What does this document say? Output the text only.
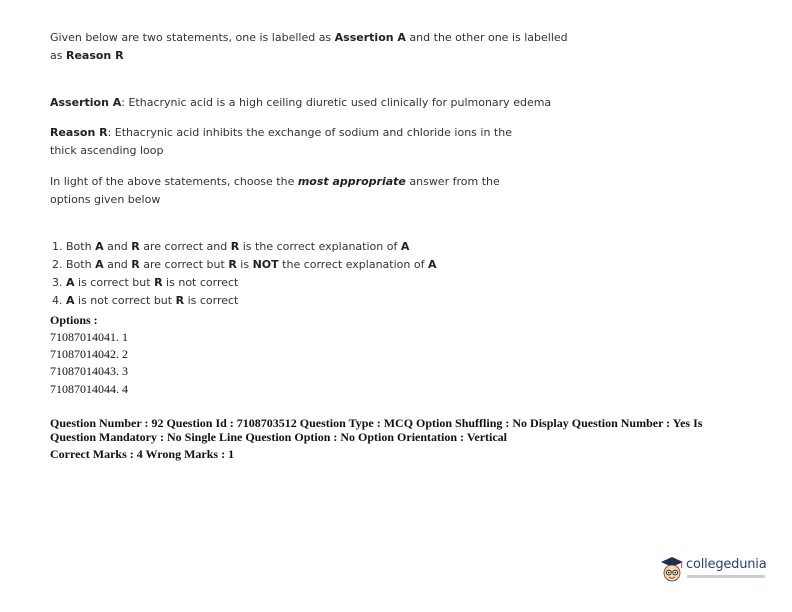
Given below are two statements, one is labelled as Assertion A and the other one is labelled as Reason R
Assertion A: Ethacrynic acid is a high ceiling diuretic used clinically for pulmonary edema
Reason R: Ethacrynic acid inhibits the exchange of sodium and chloride ions in the thick ascending loop
In light of the above statements, choose the most appropriate answer from the options given below
1. Both A and R are correct and R is the correct explanation of A
2. Both A and R are correct but R is NOT the correct explanation of A
3. A is correct but R is not correct
4. A is not correct but R is correct
Options :
71087014041. 1
71087014042. 2
71087014043. 3
71087014044. 4
Question Number : 92 Question Id : 7108703512 Question Type : MCQ Option Shuffling : No Display Question Number : Yes Is Question Mandatory : No Single Line Question Option : No Option Orientation : Vertical
Correct Marks : 4 Wrong Marks : 1
collegedunia
